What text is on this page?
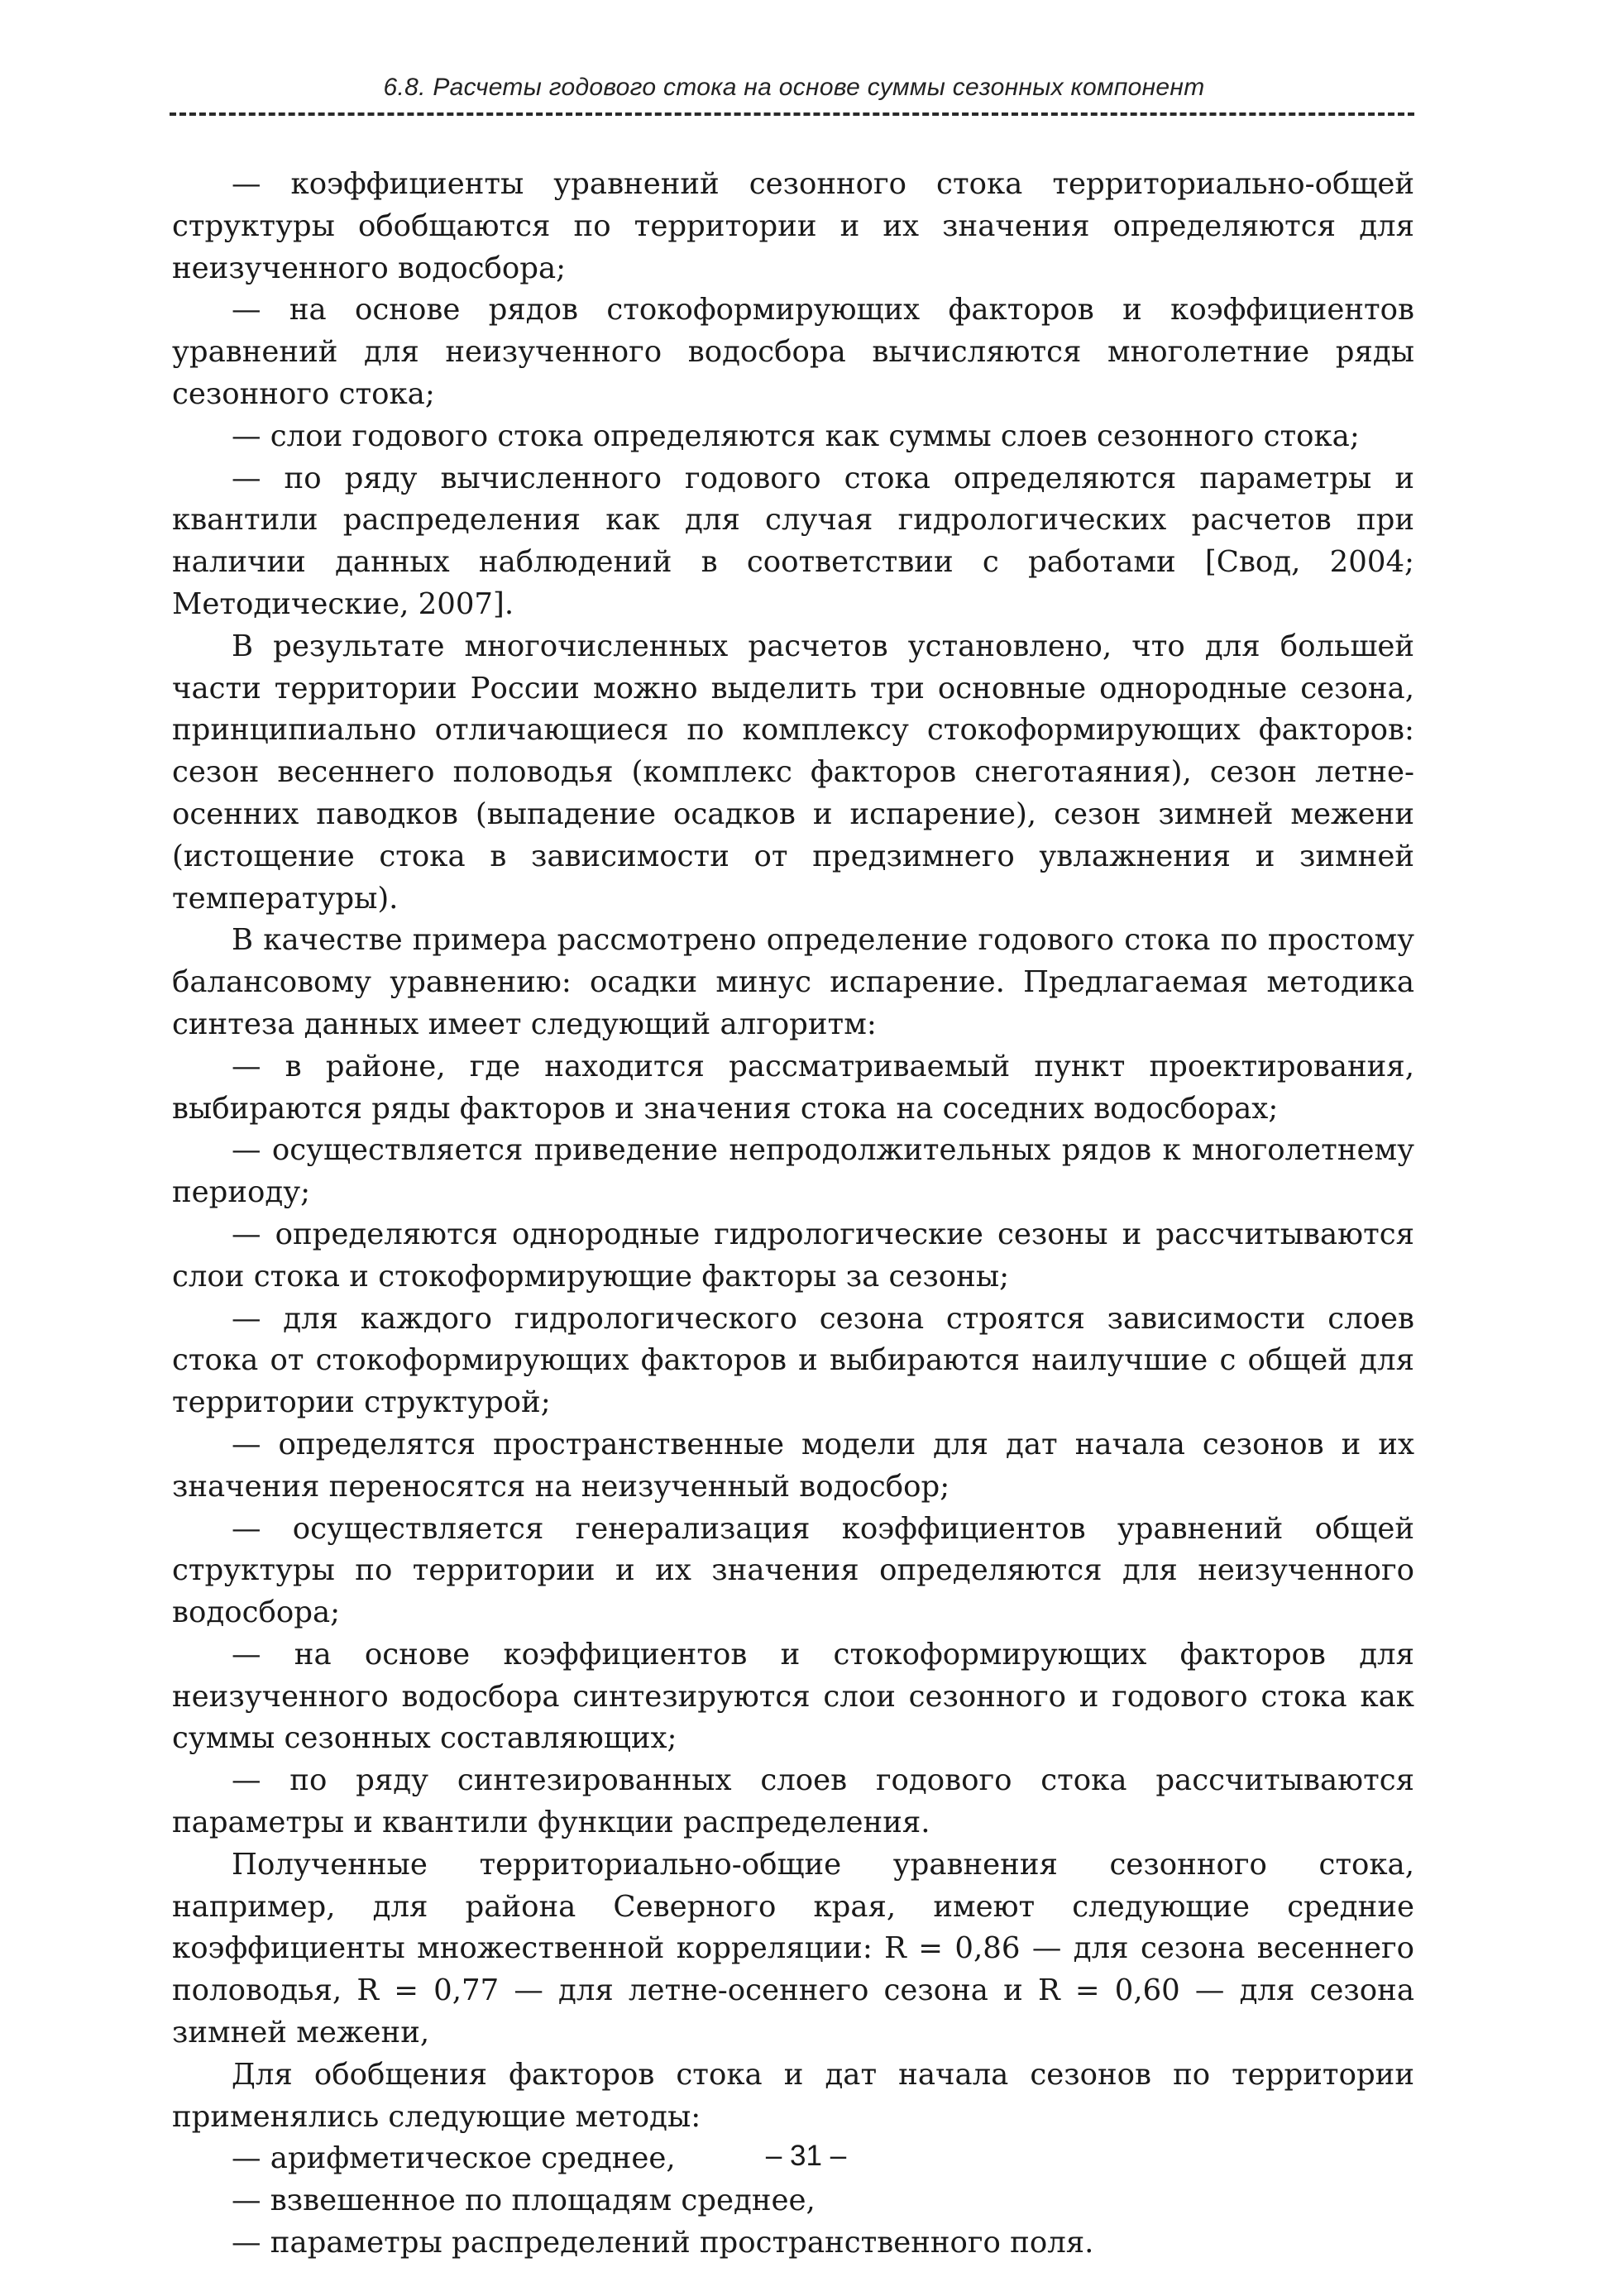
6.8. Расчеты годового стока на основе суммы сезонных компонент

— коэффициенты уравнений сезонного стока территориально-общей структуры обобщаются по территории и их значения определяются для неизученного водосбора;

— на основе рядов стокоформирующих факторов и коэффициентов уравнений для неизученного водосбора вычисляются многолетние ряды сезонного стока;

— слои годового стока определяются как суммы слоев сезонного стока;

— по ряду вычисленного годового стока определяются параметры и квантили распределения как для случая гидрологических расчетов при наличии данных наблюдений в соответствии с работами [Свод, 2004; Методические, 2007].

В результате многочисленных расчетов установлено, что для большей части территории России можно выделить три основные однородные сезона, принципиально отличающиеся по комплексу стокоформирующих факторов: сезон весеннего половодья (комплекс факторов снеготаяния), сезон летне-осенних паводков (выпадение осадков и испарение), сезон зимней межени (истощение стока в зависимости от предзимнего увлажнения и зимней температуры).

В качестве примера рассмотрено определение годового стока по простому балансовому уравнению: осадки минус испарение. Предлагаемая методика синтеза данных имеет следующий алгоритм:

— в районе, где находится рассматриваемый пункт проектирования, выбираются ряды факторов и значения стока на соседних водосборах;

— осуществляется приведение непродолжительных рядов к многолетнему периоду;

— определяются однородные гидрологические сезоны и рассчитываются слои стока и стокоформирующие факторы за сезоны;

— для каждого гидрологического сезона строятся зависимости слоев стока от стокоформирующих факторов и выбираются наилучшие с общей для территории структурой;

— определятся пространственные модели для дат начала сезонов и их значения переносятся на неизученный водосбор;

— осуществляется генерализация коэффициентов уравнений общей структуры по территории и их значения определяются для неизученного водосбора;

— на основе коэффициентов и стокоформирующих факторов для неизученного водосбора синтезируются слои сезонного и годового стока как суммы сезонных составляющих;

— по ряду синтезированных слоев годового стока рассчитываются параметры и квантили функции распределения.

Полученные территориально-общие уравнения сезонного стока, например, для района Северного края, имеют следующие средние коэффициенты множественной корреляции: R = 0,86 — для сезона весеннего половодья, R = 0,77 — для летне-осеннего сезона и R = 0,60 — для сезона зимней межени,

Для обобщения факторов стока и дат начала сезонов по территории применялись следующие методы:

— арифметическое среднее,

— взвешенное по площадям среднее,

— параметры распределений пространственного поля.

– 31 –
